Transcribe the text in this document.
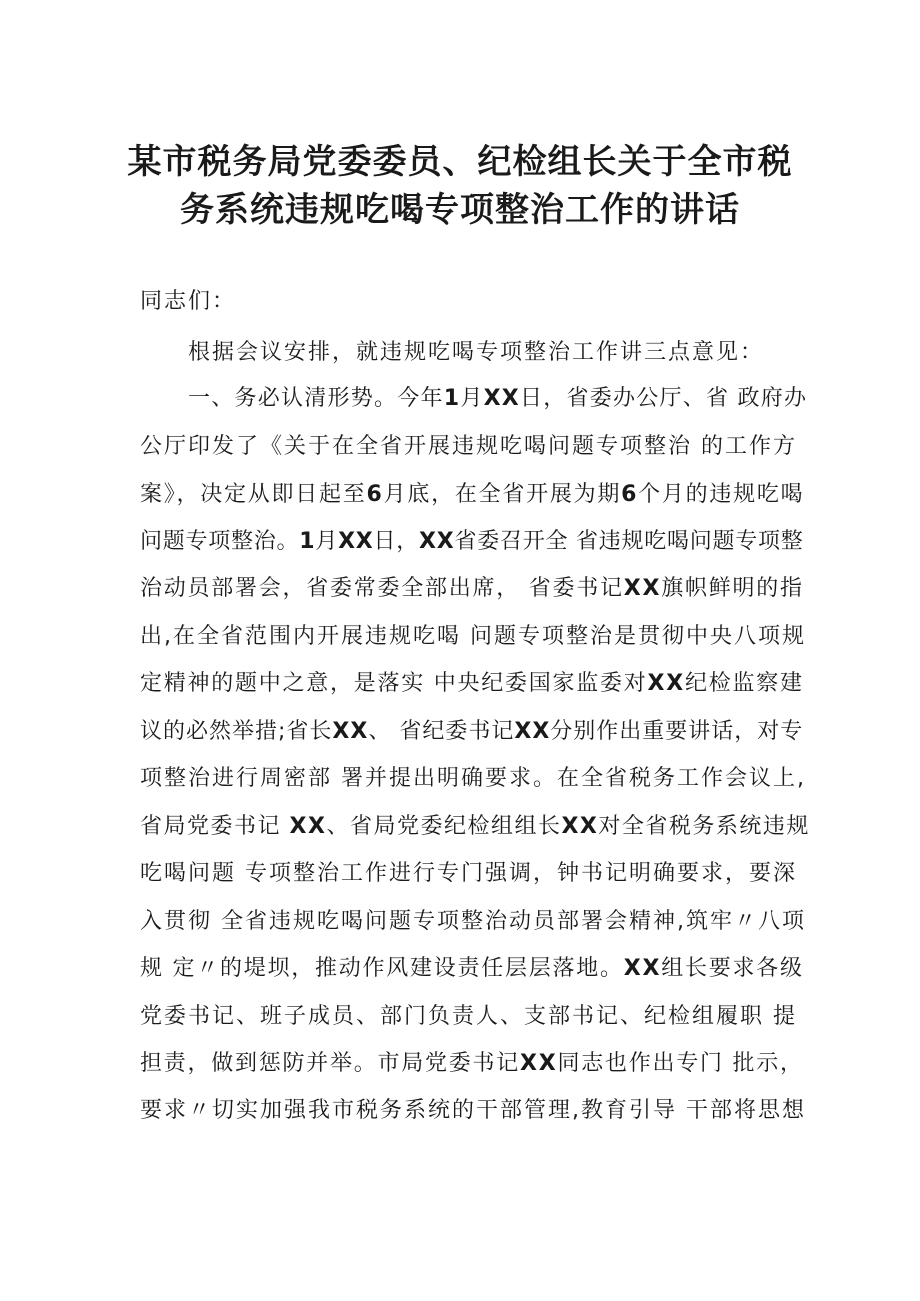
某市税务局党委委员、纪检组长关于全市税
务系统违规吃喝专项整治工作的讲话
同志们：
根据会议安排，就违规吃喝专项整治工作讲三点意见：
一、务必认清形势。今年1月XX日，省委办公厅、省 政府办
公厅印发了《关于在全省开展违规吃喝问题专项整治 的工作方
案》，决定从即日起至6月底，在全省开展为期6个月的违规吃喝
问题专项整治。1月XX日，XX省委召开全 省违规吃喝问题专项整
治动员部署会，省委常委全部出席， 省委书记XX旗帜鲜明的指
出,在全省范围内开展违规吃喝 问题专项整治是贯彻中央八项规
定精神的题中之意，是落实 中央纪委国家监委对XX纪检监察建
议的必然举措;省长XX、 省纪委书记XX分别作出重要讲话，对专
项整治进行周密部 署并提出明确要求。在全省税务工作会议上,
省局党委书记 XX、省局党委纪检组组长XX对全省税务系统违规
吃喝问题 专项整治工作进行专门强调，钟书记明确要求，要深
入贯彻 全省违规吃喝问题专项整治动员部署会精神,筑牢〃八项
规 定〃的堤坝，推动作风建设责任层层落地。XX组长要求各级
党委书记、班子成员、部门负责人、支部书记、纪检组履职 提
担责，做到惩防并举。市局党委书记XX同志也作出专门 批示，
要求〃切实加强我市税务系统的干部管理,教育引导 干部将思想
